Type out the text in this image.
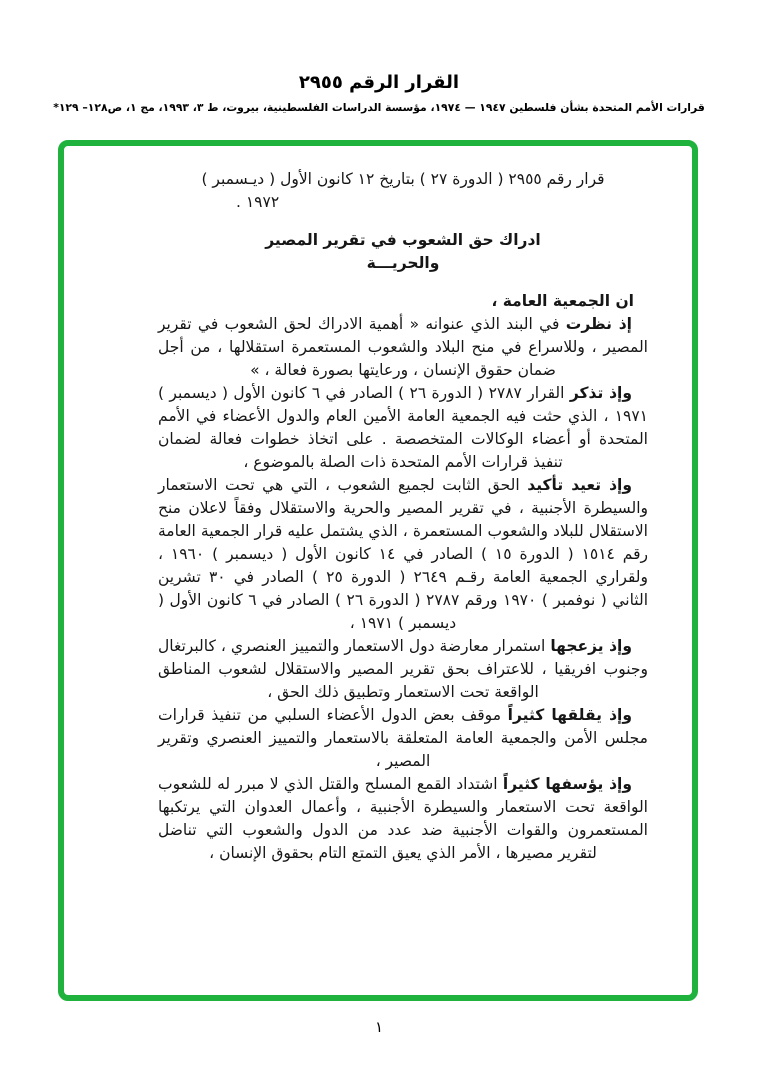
القرار الرقم ٢٩٥٥
قرارات الأمم المتحدة بشأن فلسطين ١٩٤٧ — ١٩٧٤، مؤسسة الدراسات الفلسطينية، بيروت، ط ٣، ١٩٩٣، مج ١، ص١٢٨– ١٢٩*
قرار رقم ٢٩٥٥ ( الدورة ٢٧ ) بتاريخ ١٢ كانون الأول ( ديـسمبر )
١٩٧٢ .
ادراك حق الشعوب في تقرير المصير
والحريـــة
ان الجمعية العامة ،

إذ نظرت في البند الذي عنوانه « أهمية الادراك لحق الشعوب في تقرير المصير ، وللاسراع في منح البلاد والشعوب المستعمرة استقلالها ، من أجل ضمان حقوق الإنسان ، ورعايتها بصورة فعالة ، »

وإذ تذكر القرار ٢٧٨٧ ( الدورة ٢٦ ) الصادر في ٦ كانون الأول ( ديسمبر ) ١٩٧١ ، الذي حثت فيه الجمعية العامة الأمين العام والدول الأعضاء في الأمم المتحدة أو أعضاء الوكالات المتخصصة . على اتخاذ خطوات فعالة لضمان تنفيذ قرارات الأمم المتحدة ذات الصلة بالموضوع ،

وإذ تعيد تأكيد الحق الثابت لجميع الشعوب ، التي هي تحت الاستعمار والسيطرة الأجنبية ، في تقرير المصير والحرية والاستقلال وفقاً لاعلان منح الاستقلال للبلاد والشعوب المستعمرة ، الذي يشتمل عليه قرار الجمعية العامة رقم ١٥١٤ ( الدورة ١٥ ) الصادر في ١٤ كانون الأول ( ديسمبر ) ١٩٦٠ ، ولقراري الجمعية العامة رقـم ٢٦٤٩ ( الدورة ٢٥ ) الصادر في ٣٠ تشرين الثاني ( نوفمبر ) ١٩٧٠ ورقم ٢٧٨٧ ( الدورة ٢٦ ) الصادر في ٦ كانون الأول ( ديسمبر ) ١٩٧١ ،

وإذ يزعجها استمرار معارضة دول الاستعمار والتمييز العنصري ، كالبرتغال وجنوب افريقيا ، للاعتراف بحق تقرير المصير والاستقلال لشعوب المناطق الواقعة تحت الاستعمار وتطبيق ذلك الحق ،

وإذ يقلقها كثيراً موقف بعض الدول الأعضاء السلبي من تنفيذ قرارات مجلس الأمن والجمعية العامة المتعلقة بالاستعمار والتمييز العنصري وتقرير المصير ،

وإذ يؤسفها كثيراً اشتداد القمع المسلح والقتل الذي لا مبرر له للشعوب الواقعة تحت الاستعمار والسيطرة الأجنبية ، وأعمال العدوان التي يرتكبها المستعمرون والقوات الأجنبية ضد عدد من الدول والشعوب التي تناضل لتقرير مصيرها ، الأمر الذي يعيق التمتع التام بحقوق الإنسان ،

١
